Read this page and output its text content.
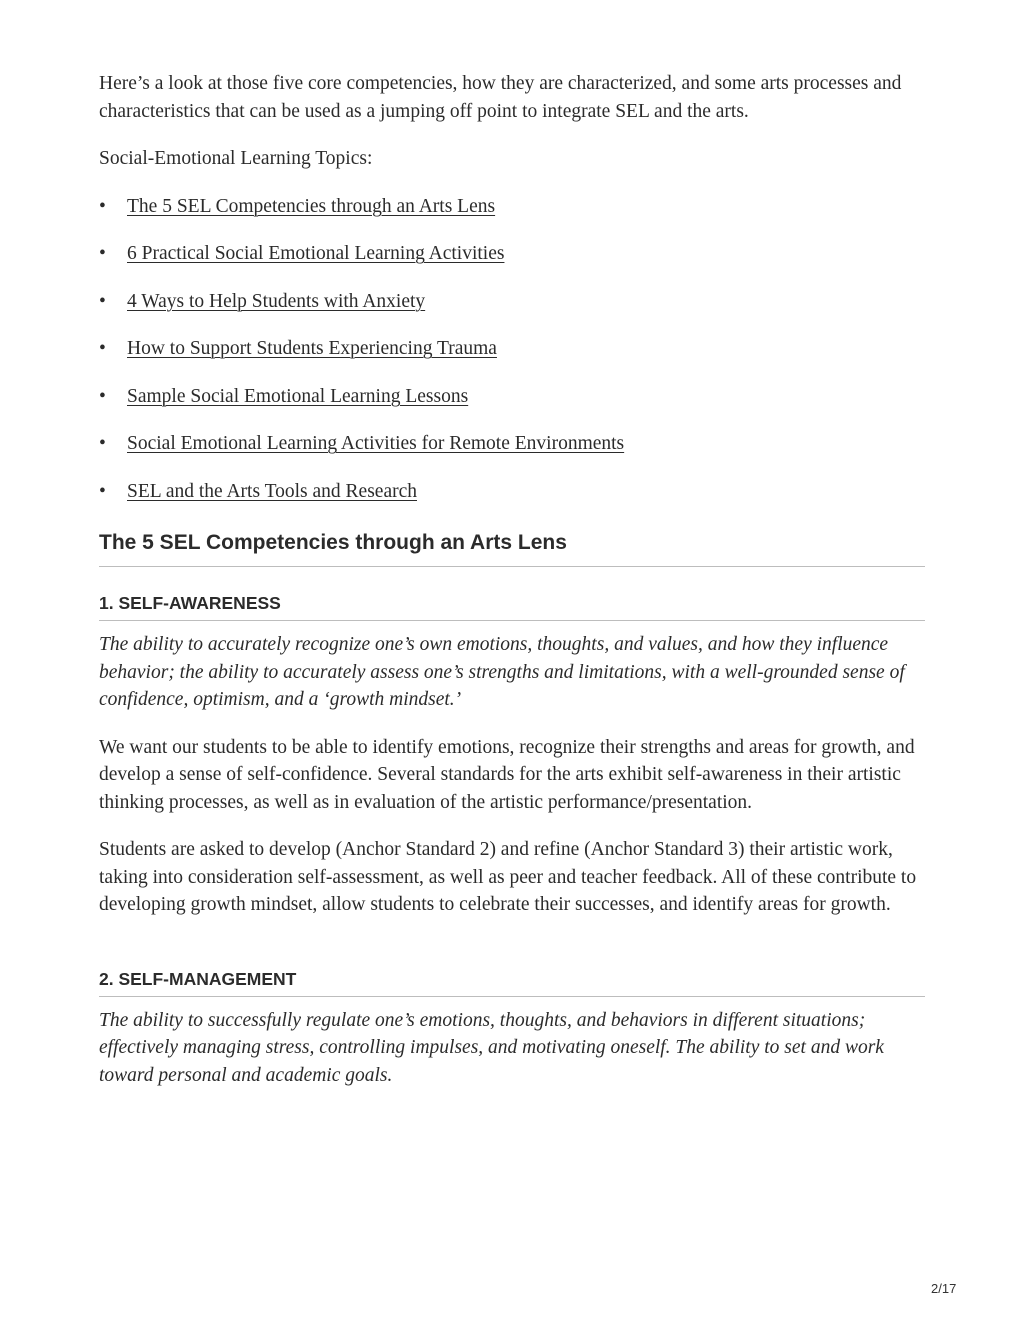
Here’s a look at those five core competencies, how they are characterized, and some arts processes and characteristics that can be used as a jumping off point to integrate SEL and the arts.

Social-Emotional Learning Topics:

•	The 5 SEL Competencies through an Arts Lens
•	6 Practical Social Emotional Learning Activities
•	4 Ways to Help Students with Anxiety
•	How to Support Students Experiencing Trauma
•	Sample Social Emotional Learning Lessons
•	Social Emotional Learning Activities for Remote Environments
•	SEL and the Arts Tools and Research
The 5 SEL Competencies through an Arts Lens
1. SELF-AWARENESS

The ability to accurately recognize one’s own emotions, thoughts, and values, and how they influence behavior; the ability to accurately assess one’s strengths and limitations, with a well-grounded sense of confidence, optimism, and a ‘growth mindset.’

We want our students to be able to identify emotions, recognize their strengths and areas for growth, and develop a sense of self-confidence. Several standards for the arts exhibit self-awareness in their artistic thinking processes, as well as in evaluation of the artistic performance/presentation.

Students are asked to develop (Anchor Standard 2) and refine (Anchor Standard 3) their artistic work, taking into consideration self-assessment, as well as peer and teacher feedback. All of these contribute to developing growth mindset, allow students to celebrate their successes, and identify areas for growth.

2. SELF-MANAGEMENT

The ability to successfully regulate one’s emotions, thoughts, and behaviors in different situations; effectively managing stress, controlling impulses, and motivating oneself. The ability to set and work toward personal and academic goals.

2/17
